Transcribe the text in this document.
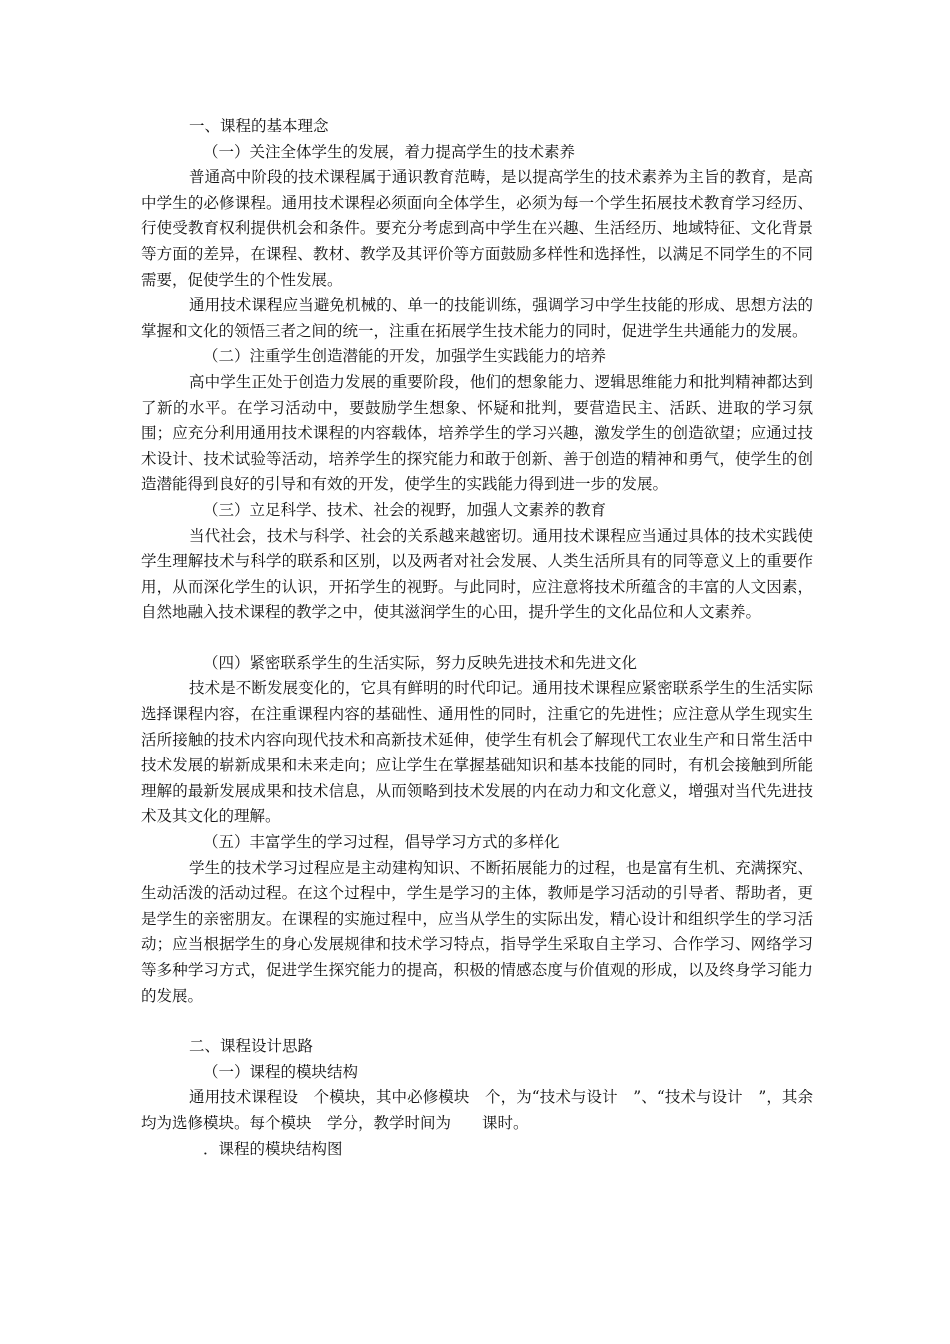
一、课程的基本理念

（一）关注全体学生的发展，着力提高学生的技术素养

普通高中阶段的技术课程属于通识教育范畴，是以提高学生的技术素养为主旨的教育，是高中学生的必修课程。通用技术课程必须面向全体学生，必须为每一个学生拓展技术教育学习经历、行使受教育权利提供机会和条件。要充分考虑到高中学生在兴趣、生活经历、地域特征、文化背景等方面的差异，在课程、教材、教学及其评价等方面鼓励多样性和选择性，以满足不同学生的不同需要，促使学生的个性发展。

通用技术课程应当避免机械的、单一的技能训练，强调学习中学生技能的形成、思想方法的掌握和文化的领悟三者之间的统一，注重在拓展学生技术能力的同时，促进学生共通能力的发展。

（二）注重学生创造潜能的开发，加强学生实践能力的培养

高中学生正处于创造力发展的重要阶段，他们的想象能力、逻辑思维能力和批判精神都达到了新的水平。在学习活动中，要鼓励学生想象、怀疑和批判，要营造民主、活跃、进取的学习氛围；应充分利用通用技术课程的内容载体，培养学生的学习兴趣，激发学生的创造欲望；应通过技术设计、技术试验等活动，培养学生的探究能力和敢于创新、善于创造的精神和勇气，使学生的创造潜能得到良好的引导和有效的开发，使学生的实践能力得到进一步的发展。

（三）立足科学、技术、社会的视野，加强人文素养的教育

当代社会，技术与科学、社会的关系越来越密切。通用技术课程应当通过具体的技术实践使学生理解技术与科学的联系和区别，以及两者对社会发展、人类生活所具有的同等意义上的重要作用，从而深化学生的认识，开拓学生的视野。与此同时，应注意将技术所蕴含的丰富的人文因素，自然地融入技术课程的教学之中，使其滋润学生的心田，提升学生的文化品位和人文素养。

（四）紧密联系学生的生活实际，努力反映先进技术和先进文化

技术是不断发展变化的，它具有鲜明的时代印记。通用技术课程应紧密联系学生的生活实际选择课程内容，在注重课程内容的基础性、通用性的同时，注重它的先进性；应注意从学生现实生活所接触的技术内容向现代技术和高新技术延伸，使学生有机会了解现代工农业生产和日常生活中技术发展的崭新成果和未来走向；应让学生在掌握基础知识和基本技能的同时，有机会接触到所能理解的最新发展成果和技术信息，从而领略到技术发展的内在动力和文化意义，增强对当代先进技术及其文化的理解。

（五）丰富学生的学习过程，倡导学习方式的多样化

学生的技术学习过程应是主动建构知识、不断拓展能力的过程，也是富有生机、充满探究、生动活泼的活动过程。在这个过程中，学生是学习的主体，教师是学习活动的引导者、帮助者，更是学生的亲密朋友。在课程的实施过程中，应当从学生的实际出发，精心设计和组织学生的学习活动；应当根据学生的身心发展规律和技术学习特点，指导学生采取自主学习、合作学习、网络学习等多种学习方式，促进学生探究能力的提高，积极的情感态度与价值观的形成，以及终身学习能力的发展。

二、课程设计思路

（一）课程的模块结构

通用技术课程设　个模块，其中必修模块　个，为“技术与设计　”、“技术与设计　”，其余均为选修模块。每个模块　学分，教学时间为　　课时。

．课程的模块结构图
